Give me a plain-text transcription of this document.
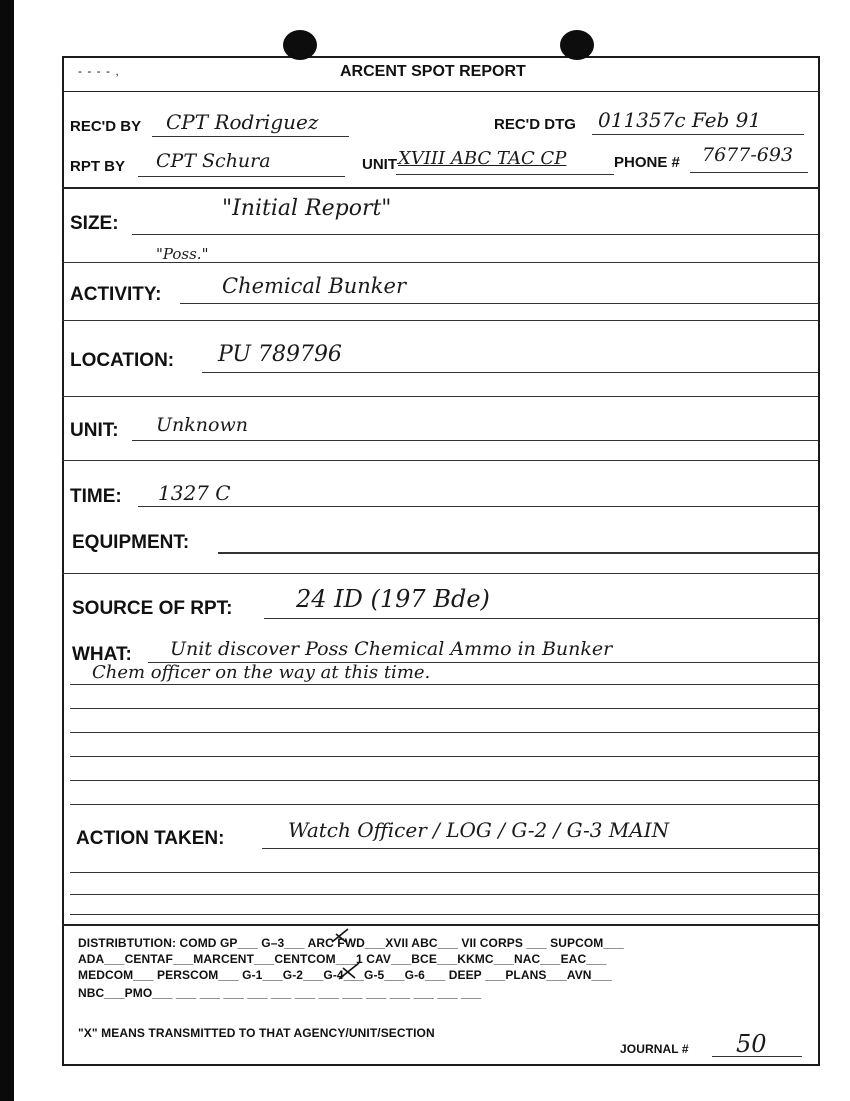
- - - - ,	ARCENT SPOT REPORT
REC'D BY CPT Rodriguez	REC'D DTG 011357c Feb 91
RPT BY CPT Schura	UNIT XVIII ABC TAC CP	PHONE # 7677-693
SIZE:
"Initial Report"
"Poss."
ACTIVITY:	Chemical Bunker
LOCATION: PU 789796
UNIT: Unknown
TIME: 1327 C
EQUIPMENT:
SOURCE OF RPT:	24 ID (197 Bde)
WHAT: Unit discover Poss Chemical Ammo in Bunker
Chem officer on the way at this time.
ACTION TAKEN:	Watch Officer / LOG / G-2 / G-3 MAIN
DISTRIBTUTION: COMD GP___ G–3___ ARC FWD___XVII ABC___ VII CORPS ___ SUPCOM___
ADA___CENTAF___MARCENT___CENTCOM___1 CAV___BCE___KKMC___NAC___EAC___
MEDCOM___ PERSCOM___ G-1___G-2___G-4___G-5___G-6___ DEEP ___PLANS___AVN___
NBC___PMO___ ___ ___ ___ ___ ___ ___ ___ ___ ___ ___ ___ ___ ___
"X" MEANS TRANSMITTED TO THAT AGENCY/UNIT/SECTION
JOURNAL # 50
